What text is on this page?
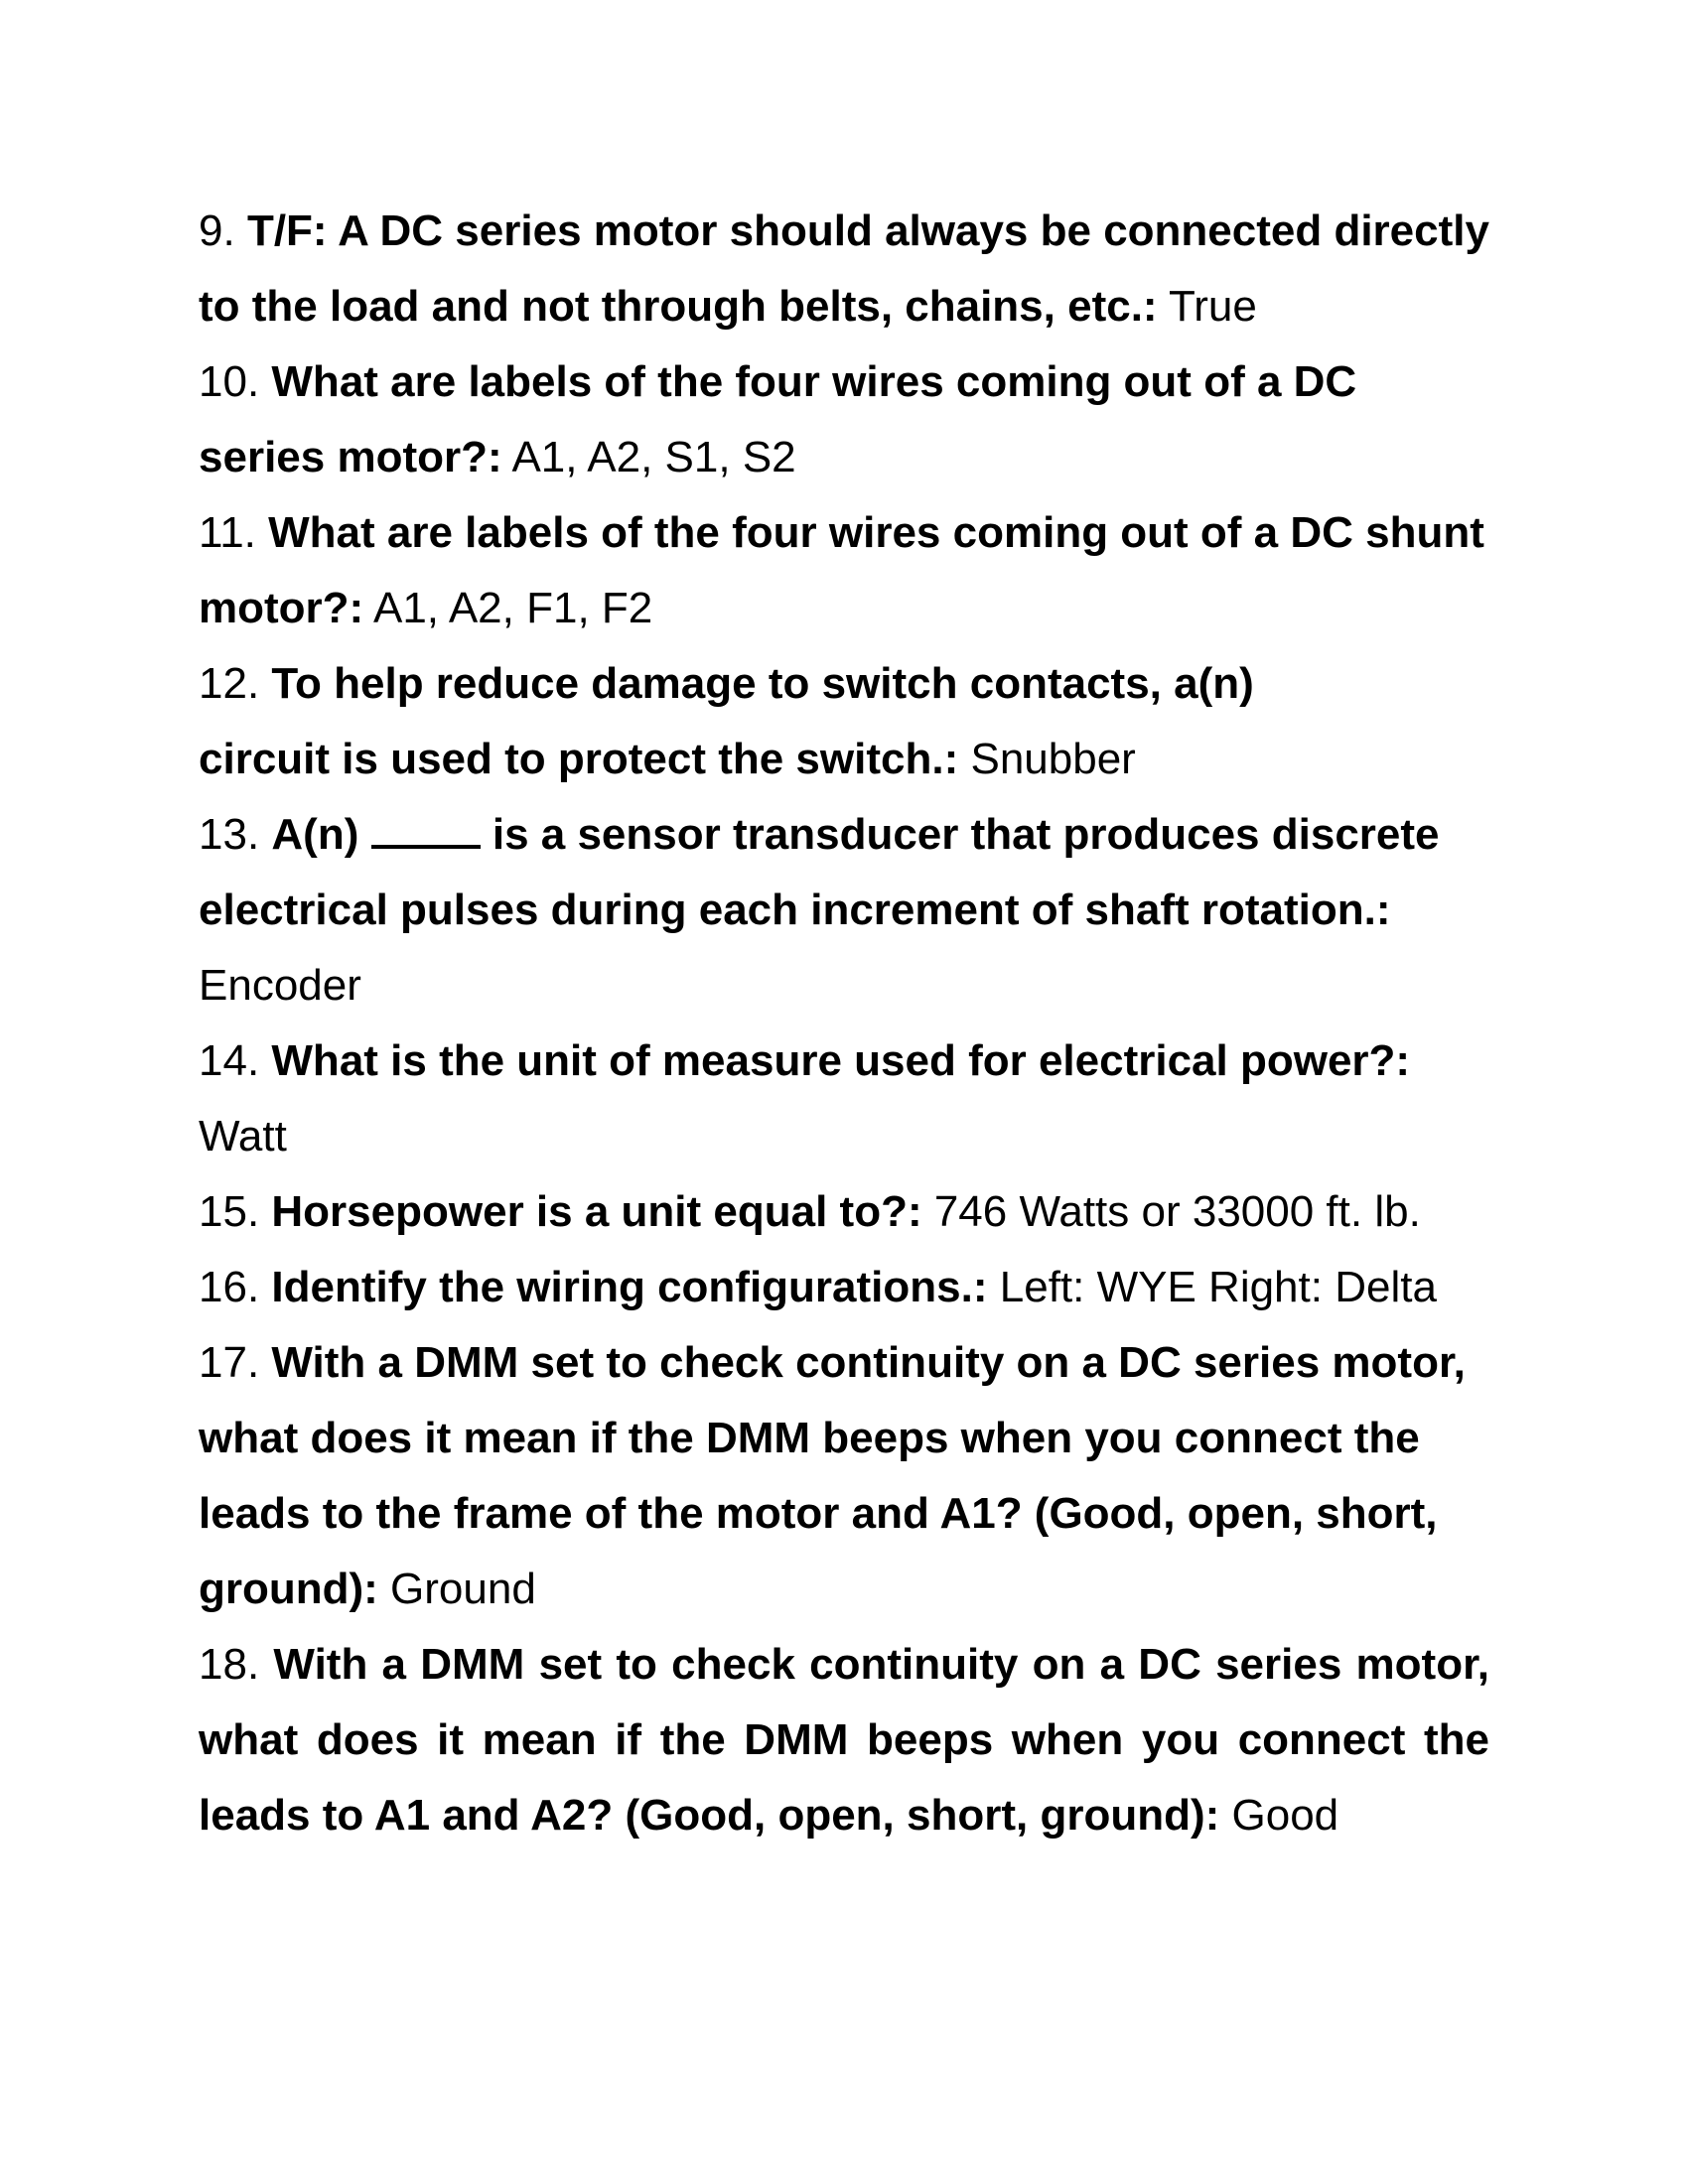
9. T/F: A DC series motor should always be connected directly to the load and not through belts, chains, etc.: True

10. What are labels of the four wires coming out of a DC series motor?: A1, A2, S1, S2

11. What are labels of the four wires coming out of a DC shunt motor?: A1, A2, F1, F2

12. To help reduce damage to switch contacts, a(n)
circuit is used to protect the switch.: Snubber

13. A(n)	is a sensor transducer that produces discrete electrical pulses during each increment of shaft rotation.: Encoder

14. What is the unit of measure used for electrical power?: Watt

15. Horsepower is a unit equal to?: 746 Watts or 33000 ft. lb.

16. Identify the wiring configurations.: Left: WYE Right: Delta

17. With a DMM set to check continuity on a DC series motor, what does it mean if the DMM beeps when you connect the leads to the frame of the motor and A1? (Good, open, short, ground): Ground

18. With a DMM set to check continuity on a DC series motor, what does it mean if the DMM beeps when you connect the leads to A1 and A2? (Good, open, short, ground): Good
